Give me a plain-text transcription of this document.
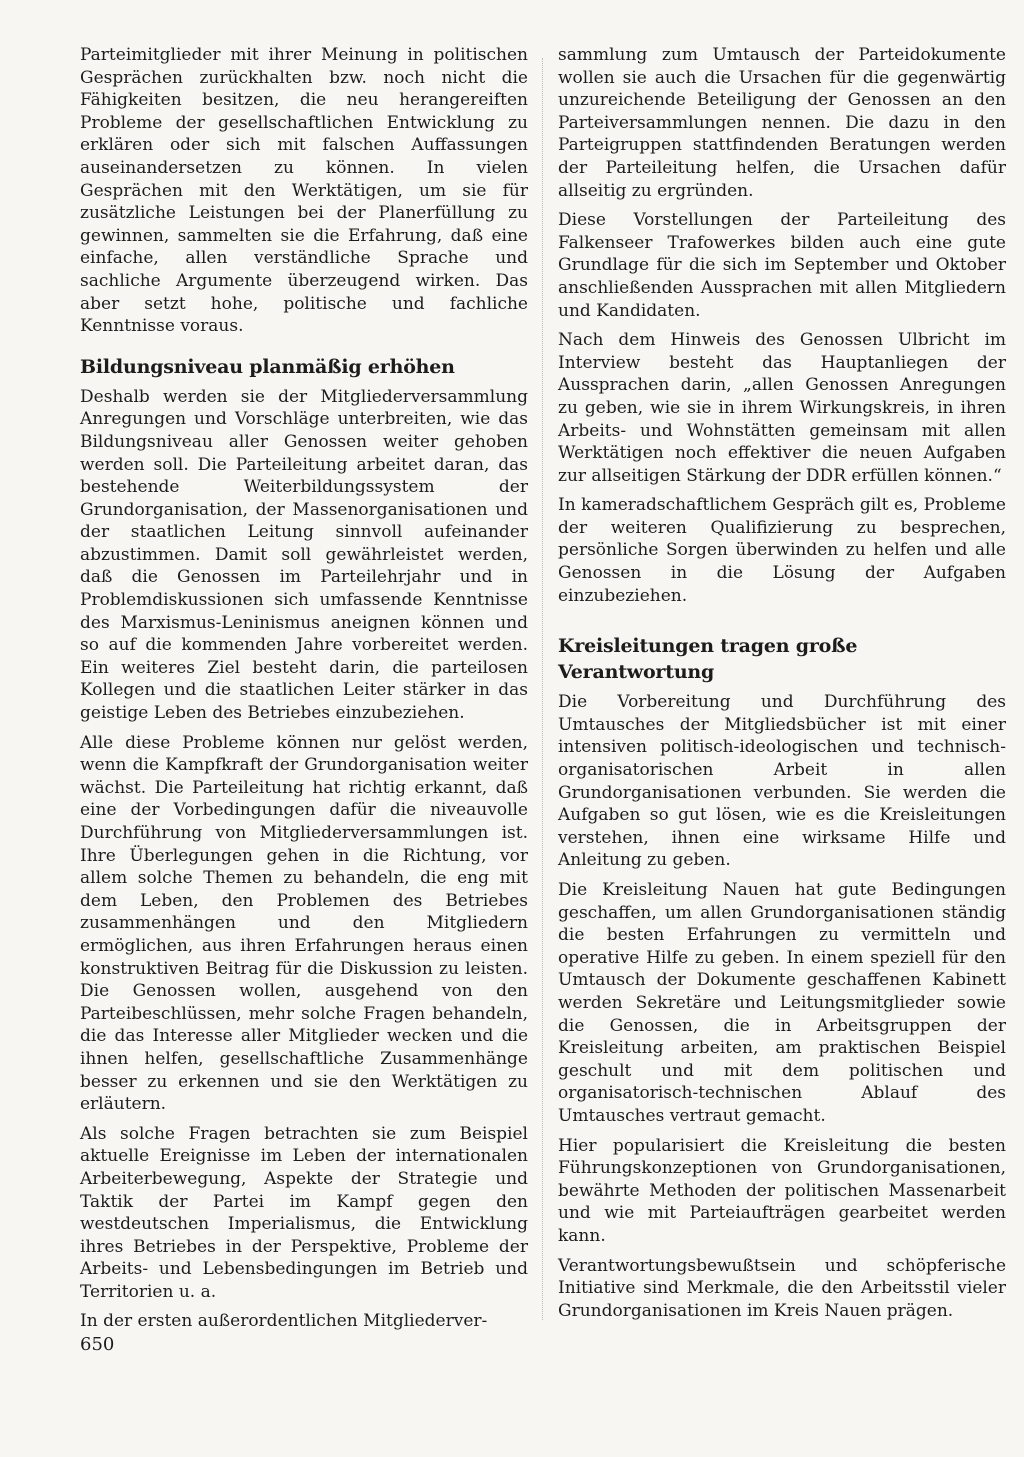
Parteimitglieder mit ihrer Meinung in politischen Gesprächen zurückhalten bzw. noch nicht die Fähigkeiten besitzen, die neu herangereiften Probleme der gesellschaftlichen Entwicklung zu erklären oder sich mit falschen Auffassungen auseinandersetzen zu können. In vielen Gesprächen mit den Werktätigen, um sie für zusätzliche Leistungen bei der Planerfüllung zu gewinnen, sammelten sie die Erfahrung, daß eine einfache, allen verständliche Sprache und sachliche Argumente überzeugend wirken. Das aber setzt hohe, politische und fachliche Kenntnisse voraus.

Bildungsniveau planmäßig erhöhen

Deshalb werden sie der Mitgliederversammlung Anregungen und Vorschläge unterbreiten, wie das Bildungsniveau aller Genossen weiter gehoben werden soll. Die Parteileitung arbeitet daran, das bestehende Weiterbildungssystem der Grundorganisation, der Massenorganisationen und der staatlichen Leitung sinnvoll aufeinander abzustimmen. Damit soll gewährleistet werden, daß die Genossen im Parteilehrjahr und in Problemdiskussionen sich umfassende Kenntnisse des Marxismus-Leninismus aneignen können und so auf die kommenden Jahre vorbereitet werden. Ein weiteres Ziel besteht darin, die parteilosen Kollegen und die staatlichen Leiter stärker in das geistige Leben des Betriebes einzubeziehen.

Alle diese Probleme können nur gelöst werden, wenn die Kampfkraft der Grundorganisation weiter wächst. Die Parteileitung hat richtig erkannt, daß eine der Vorbedingungen dafür die niveauvolle Durchführung von Mitgliederversammlungen ist. Ihre Überlegungen gehen in die Richtung, vor allem solche Themen zu behandeln, die eng mit dem Leben, den Problemen des Betriebes zusammenhängen und den Mitgliedern ermöglichen, aus ihren Erfahrungen heraus einen konstruktiven Beitrag für die Diskussion zu leisten. Die Genossen wollen, ausgehend von den Parteibeschlüssen, mehr solche Fragen behandeln, die das Interesse aller Mitglieder wecken und die ihnen helfen, gesellschaftliche Zusammenhänge besser zu erkennen und sie den Werktätigen zu erläutern.

Als solche Fragen betrachten sie zum Beispiel aktuelle Ereignisse im Leben der internationalen Arbeiterbewegung, Aspekte der Strategie und Taktik der Partei im Kampf gegen den westdeutschen Imperialismus, die Entwicklung ihres Betriebes in der Perspektive, Probleme der Arbeits- und Lebensbedingungen im Betrieb und Territorien u. a.

In der ersten außerordentlichen Mitgliederver-

sammlung zum Umtausch der Parteidokumente wollen sie auch die Ursachen für die gegenwärtig unzureichende Beteiligung der Genossen an den Parteiversammlungen nennen. Die dazu in den Parteigruppen stattfindenden Beratungen werden der Parteileitung helfen, die Ursachen dafür allseitig zu ergründen.

Diese Vorstellungen der Parteileitung des Falkenseer Trafowerkes bilden auch eine gute Grundlage für die sich im September und Oktober anschließenden Aussprachen mit allen Mitgliedern und Kandidaten.

Nach dem Hinweis des Genossen Ulbricht im Interview besteht das Hauptanliegen der Aussprachen darin, „allen Genossen Anregungen zu geben, wie sie in ihrem Wirkungskreis, in ihren Arbeits- und Wohnstätten gemeinsam mit allen Werktätigen noch effektiver die neuen Aufgaben zur allseitigen Stärkung der DDR erfüllen können.“

In kameradschaftlichem Gespräch gilt es, Probleme der weiteren Qualifizierung zu besprechen, persönliche Sorgen überwinden zu helfen und alle Genossen in die Lösung der Aufgaben einzubeziehen.

Kreisleitungen tragen große Verantwortung

Die Vorbereitung und Durchführung des Umtausches der Mitgliedsbücher ist mit einer intensiven politisch-ideologischen und technisch-organisatorischen Arbeit in allen Grundorganisationen verbunden. Sie werden die Aufgaben so gut lösen, wie es die Kreisleitungen verstehen, ihnen eine wirksame Hilfe und Anleitung zu geben.

Die Kreisleitung Nauen hat gute Bedingungen geschaffen, um allen Grundorganisationen ständig die besten Erfahrungen zu vermitteln und operative Hilfe zu geben. In einem speziell für den Umtausch der Dokumente geschaffenen Kabinett werden Sekretäre und Leitungsmitglieder sowie die Genossen, die in Arbeitsgruppen der Kreisleitung arbeiten, am praktischen Beispiel geschult und mit dem politischen und organisatorisch-technischen Ablauf des Umtausches vertraut gemacht.

Hier popularisiert die Kreisleitung die besten Führungskonzeptionen von Grundorganisationen, bewährte Methoden der politischen Massenarbeit und wie mit Parteiaufträgen gearbeitet werden kann.

Verantwortungsbewußtsein und schöpferische Initiative sind Merkmale, die den Arbeitsstil vieler Grundorganisationen im Kreis Nauen prägen.

650
